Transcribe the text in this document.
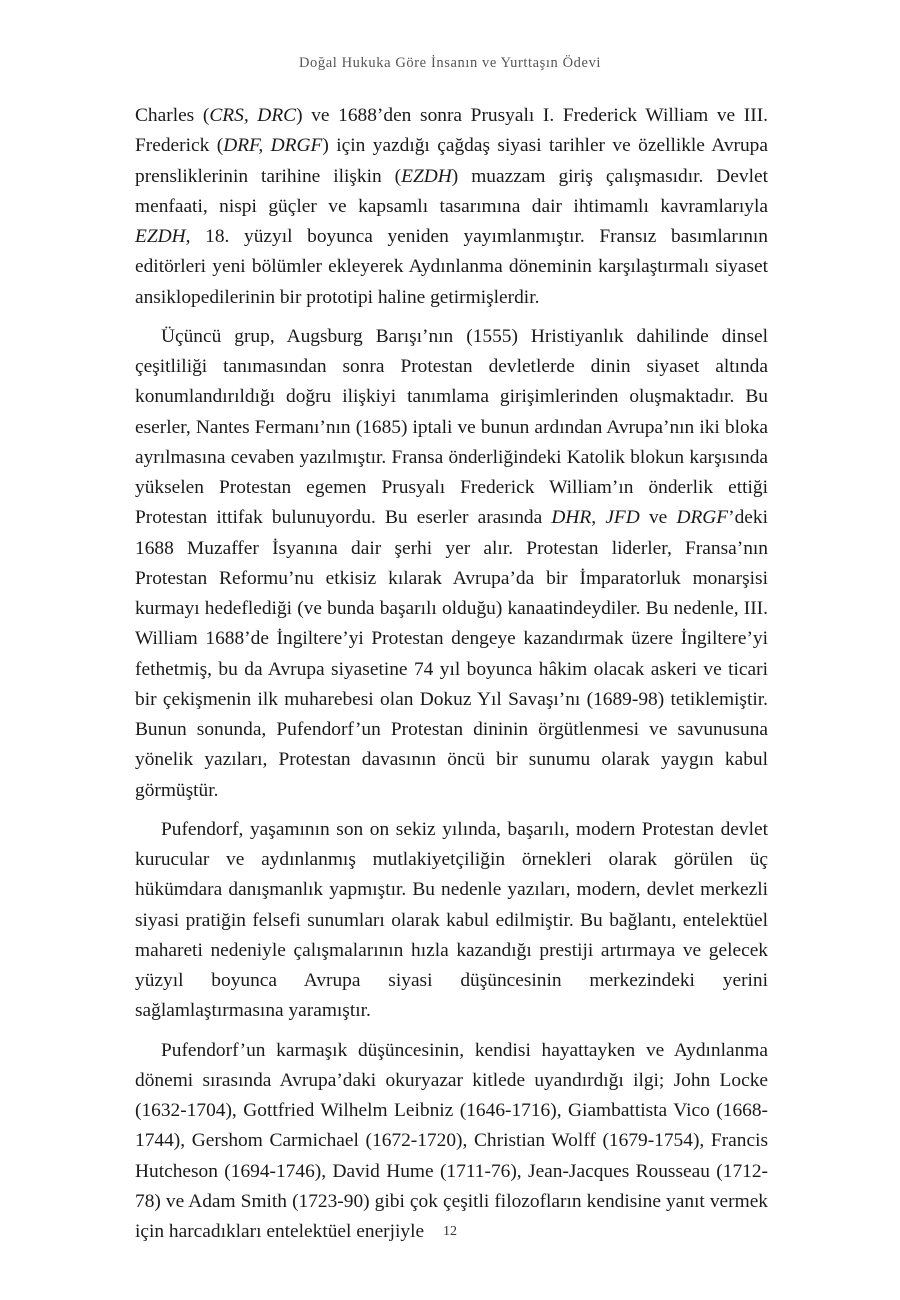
Doğal Hukuka Göre İnsanın ve Yurttaşın Ödevi

Charles (CRS, DRC) ve 1688’den sonra Prusyalı I. Frederick William ve III. Frederick (DRF, DRGF) için yazdığı çağdaş siyasi tarihler ve özellikle Avrupa prensliklerinin tarihine ilişkin (EZDH) muazzam giriş çalışmasıdır. Devlet menfaati, nispi güçler ve kapsamlı tasarımına dair ihtimamlı kavramlarıyla EZDH, 18. yüzyıl boyunca yeniden yayımlanmıştır. Fransız basımlarının editörleri yeni bölümler ekleyerek Aydınlanma döneminin karşılaştırmalı siyaset ansiklopedilerinin bir prototipi haline getirmişlerdir.

Üçüncü grup, Augsburg Barışı’nın (1555) Hristiyanlık dahilinde dinsel çeşitliliği tanımasından sonra Protestan devletlerde dinin siyaset altında konumlandırıldığı doğru ilişkiyi tanımlama girişimlerinden oluşmaktadır. Bu eserler, Nantes Fermanı’nın (1685) iptali ve bunun ardından Avrupa’nın iki bloka ayrılmasına cevaben yazılmıştır. Fransa önderliğindeki Katolik blokun karşısında yükselen Protestan egemen Prusyalı Frederick William’ın önderlik ettiği Protestan ittifak bulunuyordu. Bu eserler arasında DHR, JFD ve DRGF’deki 1688 Muzaffer İsyanına dair şerhi yer alır. Protestan liderler, Fransa’nın Protestan Reformu’nu etkisiz kılarak Avrupa’da bir İmparatorluk monarşisi kurmayı hedeflediği (ve bunda başarılı olduğu) kanaatindeydiler. Bu nedenle, III. William 1688’de İngiltere’yi Protestan dengeye kazandırmak üzere İngiltere’yi fethetmiş, bu da Avrupa siyasetine 74 yıl boyunca hâkim olacak askeri ve ticari bir çekişmenin ilk muharebesi olan Dokuz Yıl Savaşı’nı (1689-98) tetiklemiştir. Bunun sonunda, Pufendorf’un Protestan dininin örgütlenmesi ve savunusuna yönelik yazıları, Protestan davasının öncü bir sunumu olarak yaygın kabul görmüştür.

Pufendorf, yaşamının son on sekiz yılında, başarılı, modern Protestan devlet kurucular ve aydınlanmış mutlakiyetçiliğin örnekleri olarak görülen üç hükümdara danışmanlık yapmıştır. Bu nedenle yazıları, modern, devlet merkezli siyasi pratiğin felsefi sunumları olarak kabul edilmiştir. Bu bağlantı, entelektüel mahareti nedeniyle çalışmalarının hızla kazandığı prestiji artırmaya ve gelecek yüzyıl boyunca Avrupa siyasi düşüncesinin merkezindeki yerini sağlamlaştırmasına yaramıştır.

Pufendorf’un karmaşık düşüncesinin, kendisi hayattayken ve Aydınlanma dönemi sırasında Avrupa’daki okuryazar kitlede uyandırdığı ilgi; John Locke (1632-1704), Gottfried Wilhelm Leibniz (1646-1716), Giambattista Vico (1668-1744), Gershom Carmichael (1672-1720), Christian Wolff (1679-1754), Francis Hutcheson (1694-1746), David Hume (1711-76), Jean-Jacques Rousseau (1712-78) ve Adam Smith (1723-90) gibi çok çeşitli filozofların kendisine yanıt vermek için harcadıkları entelektüel enerjiyle	12
